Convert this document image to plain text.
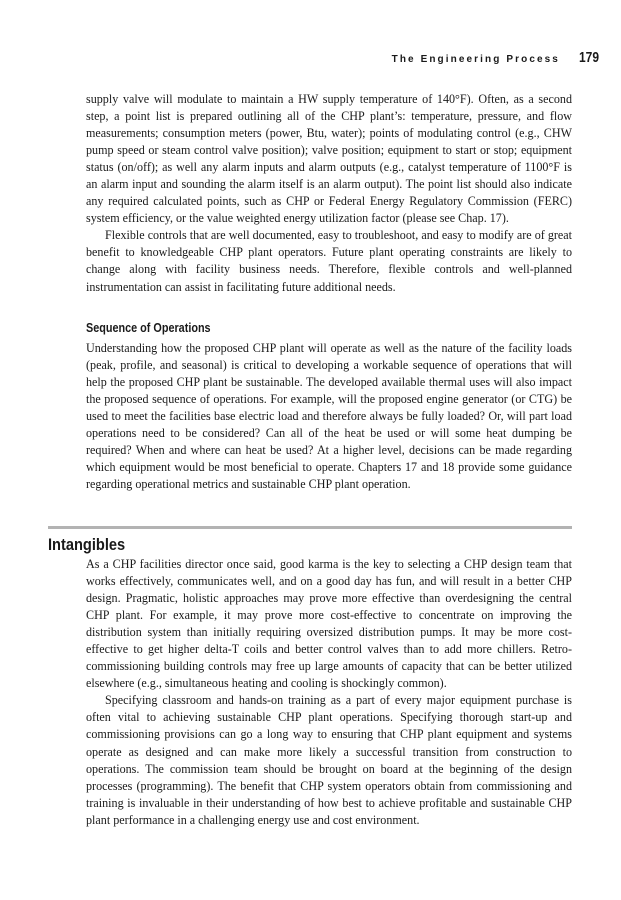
The Engineering Process 179

supply valve will modulate to maintain a HW supply temperature of 140°F). Often, as a second step, a point list is prepared outlining all of the CHP plant’s: temperature, pressure, and flow measurements; consumption meters (power, Btu, water); points of modulating control (e.g., CHW pump speed or steam control valve position); valve position; equipment to start or stop; equipment status (on/off); as well any alarm inputs and alarm outputs (e.g., catalyst temperature of 1100°F is an alarm input and sounding the alarm itself is an alarm output). The point list should also indicate any required calculated points, such as CHP or Federal Energy Regulatory Commission (FERC) system efficiency, or the value weighted energy utilization factor (please see Chap. 17).

Flexible controls that are well documented, easy to troubleshoot, and easy to modify are of great benefit to knowledgeable CHP plant operators. Future plant operating constraints are likely to change along with facility business needs. Therefore, flexible controls and well-planned instrumentation can assist in facilitating future additional needs.

Sequence of Operations

Understanding how the proposed CHP plant will operate as well as the nature of the facility loads (peak, profile, and seasonal) is critical to developing a workable sequence of operations that will help the proposed CHP plant be sustainable. The developed available thermal uses will also impact the proposed sequence of operations. For example, will the proposed engine generator (or CTG) be used to meet the facilities base electric load and therefore always be fully loaded? Or, will part load operations need to be considered? Can all of the heat be used or will some heat dumping be required? When and where can heat be used? At a higher level, decisions can be made regarding which equipment would be most beneficial to operate. Chapters 17 and 18 provide some guidance regarding operational metrics and sustainable CHP plant operation.

Intangibles

As a CHP facilities director once said, good karma is the key to selecting a CHP design team that works effectively, communicates well, and on a good day has fun, and will result in a better CHP design. Pragmatic, holistic approaches may prove more effective than overdesigning the central CHP plant. For example, it may prove more cost-effective to concentrate on improving the distribution system than initially requiring oversized distribution pumps. It may be more cost-effective to get higher delta-T coils and better control valves than to add more chillers. Retro-commissioning building controls may free up large amounts of capacity that can be better utilized elsewhere (e.g., simultaneous heating and cooling is shockingly common).

Specifying classroom and hands-on training as a part of every major equipment purchase is often vital to achieving sustainable CHP plant operations. Specifying thorough start-up and commissioning provisions can go a long way to ensuring that CHP plant equipment and systems operate as designed and can make more likely a successful transition from construction to operations. The commission team should be brought on board at the beginning of the design processes (programming). The benefit that CHP system operators obtain from commissioning and training is invaluable in their understanding of how best to achieve profitable and sustainable CHP plant performance in a challenging energy use and cost environment.
